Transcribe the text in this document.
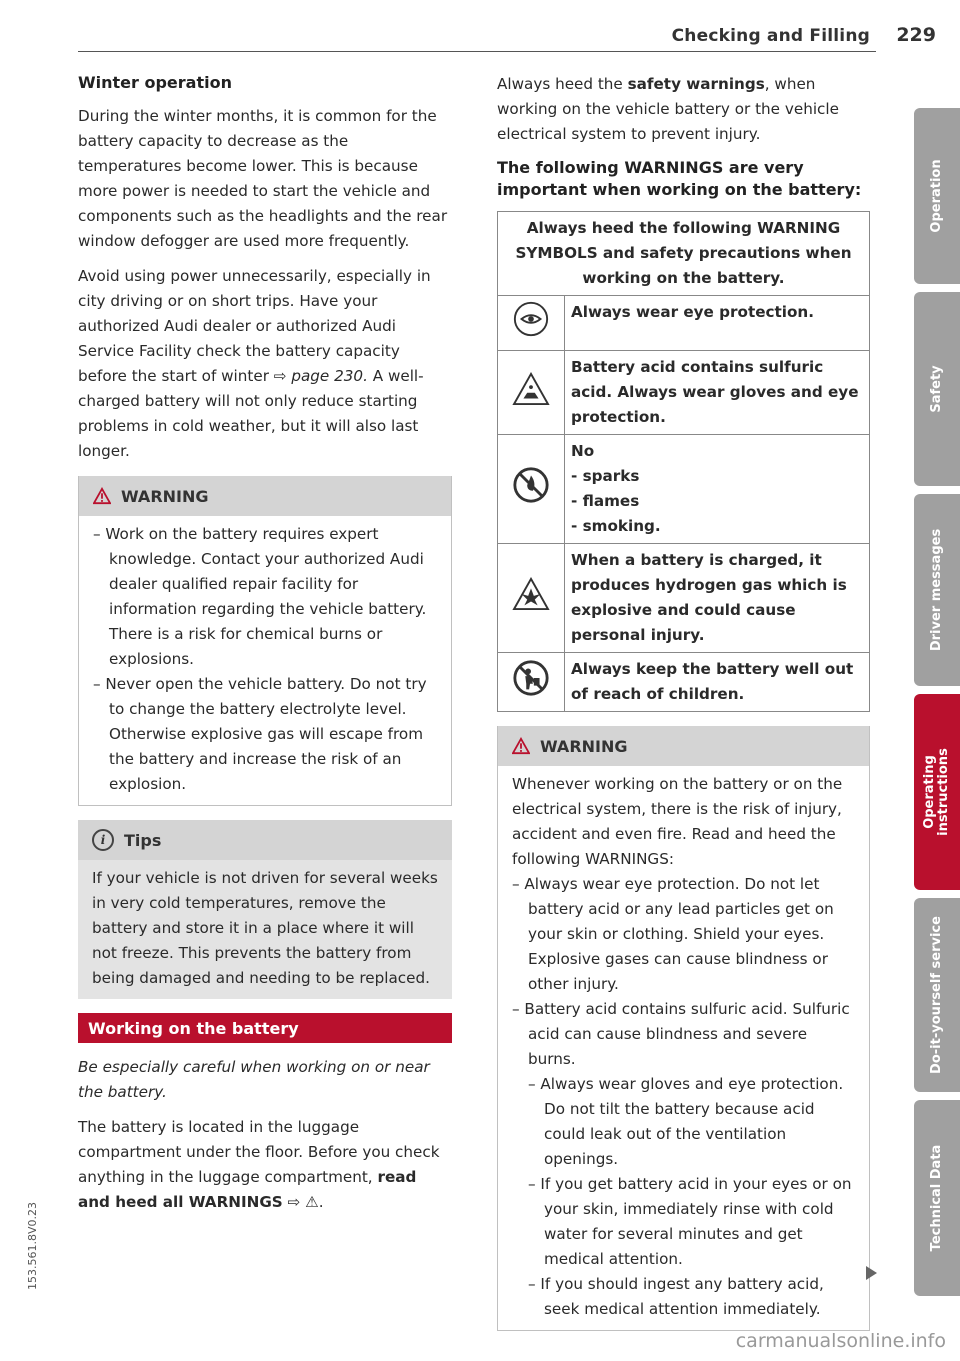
Checking and Filling 229
Winter operation

During the winter months, it is common for the battery capacity to decrease as the temperatures become lower. This is because more power is needed to start the vehicle and components such as the headlights and the rear window defogger are used more frequently.

Avoid using power unnecessarily, especially in city driving or on short trips. Have your authorized Audi dealer or authorized Audi Service Facility check the battery capacity before the start of winter ⇨ page 230. A well-charged battery will not only reduce starting problems in cold weather, but it will also last longer.

WARNING
– Work on the battery requires expert knowledge. Contact your authorized Audi dealer qualified repair facility for information regarding the vehicle battery. There is a risk for chemical burns or explosions.
– Never open the vehicle battery. Do not try to change the battery electrolyte level. Otherwise explosive gas will escape from the battery and increase the risk of an explosion.
i	Tips

If your vehicle is not driven for several weeks in very cold temperatures, remove the battery and store it in a place where it will not freeze. This prevents the battery from being damaged and needing to be replaced.

Working on the battery

Be especially careful when working on or near the battery.

The battery is located in the luggage compartment under the floor. Before you check anything in the luggage compartment, read and heed all WARNINGS ⇨ ⚠.

Always heed the safety warnings, when working on the vehicle battery or the vehicle electrical system to prevent injury.

The following WARNINGS are very important when working on the battery:
Always heed the following WARNING SYMBOLS and safety precautions when working on the battery.	
	Always wear eye protection.
	Battery acid contains sulfuric acid. Always wear gloves and eye protection.

No
- sparks
- flames
- smoking.

	When a battery is charged, it produces hydrogen gas which is explosive and could cause personal injury.
	Always keep the battery well out of reach of children.
WARNING

Whenever working on the battery or on the electrical system, there is the risk of injury, accident and even fire. Read and heed the following WARNINGS:

– Always wear eye protection. Do not let battery acid or any lead particles get on your skin or clothing. Shield your eyes. Explosive gases can cause blindness or other injury.
– Battery acid contains sulfuric acid. Sulfuric acid can cause blindness and severe burns.
– Always wear gloves and eye protection. Do not tilt the battery because acid could leak out of the ventilation openings.
– If you get battery acid in your eyes or on your skin, immediately rinse with cold water for several minutes and get medical attention.
– If you should ingest any battery acid, seek medical attention immediately.
Operation
Safety
Driver messages
Operating instructions
Do-it-yourself service
Technical Data
153.561.8V0.23
carmanualsonline.info
